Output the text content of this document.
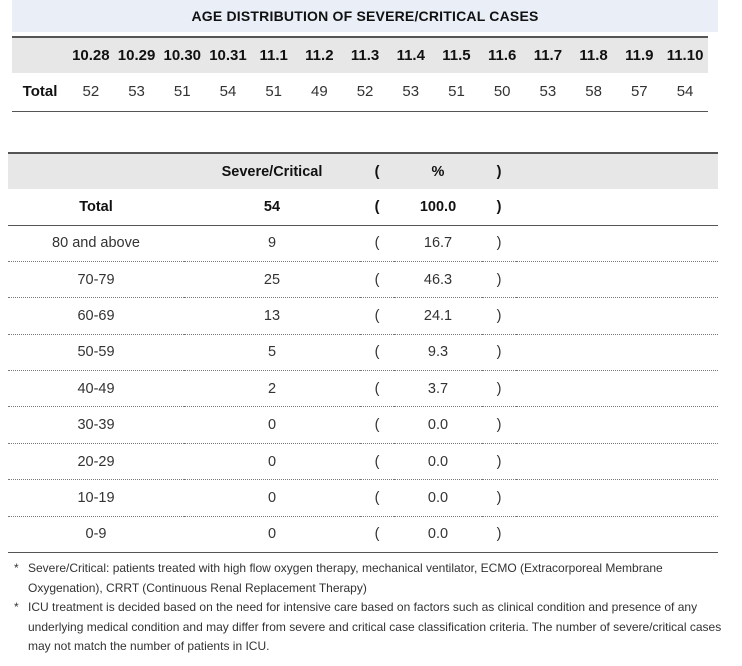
AGE DISTRIBUTION OF SEVERE/CRITICAL CASES
	10.28	10.29	10.30	10.31	11.1	11.2	11.3	11.4	11.5	11.6	11.7	11.8	11.9	11.10
Total	52	53	51	54	51	49	52	53	51	50	53	58	57	54
	Severe/Critical	(	%	)	
Total	54	(	100.0	)	
80 and above	9	(	16.7	)	
70-79	25	(	46.3	)	
60-69	13	(	24.1	)	
50-59	5	(	9.3	)	
40-49	2	(	3.7	)	
30-39	0	(	0.0	)	
20-29	0	(	0.0	)	
10-19	0	(	0.0	)	
0-9	0	(	0.0	)	
* Severe/Critical: patients treated with high flow oxygen therapy, mechanical ventilator, ECMO (Extracorporeal Membrane Oxygenation), CRRT (Continuous Renal Replacement Therapy)
* ICU treatment is decided based on the need for intensive care based on factors such as clinical condition and presence of any underlying medical condition and may differ from severe and critical case classification criteria. The number of severe/critical cases may not match the number of patients in ICU.
